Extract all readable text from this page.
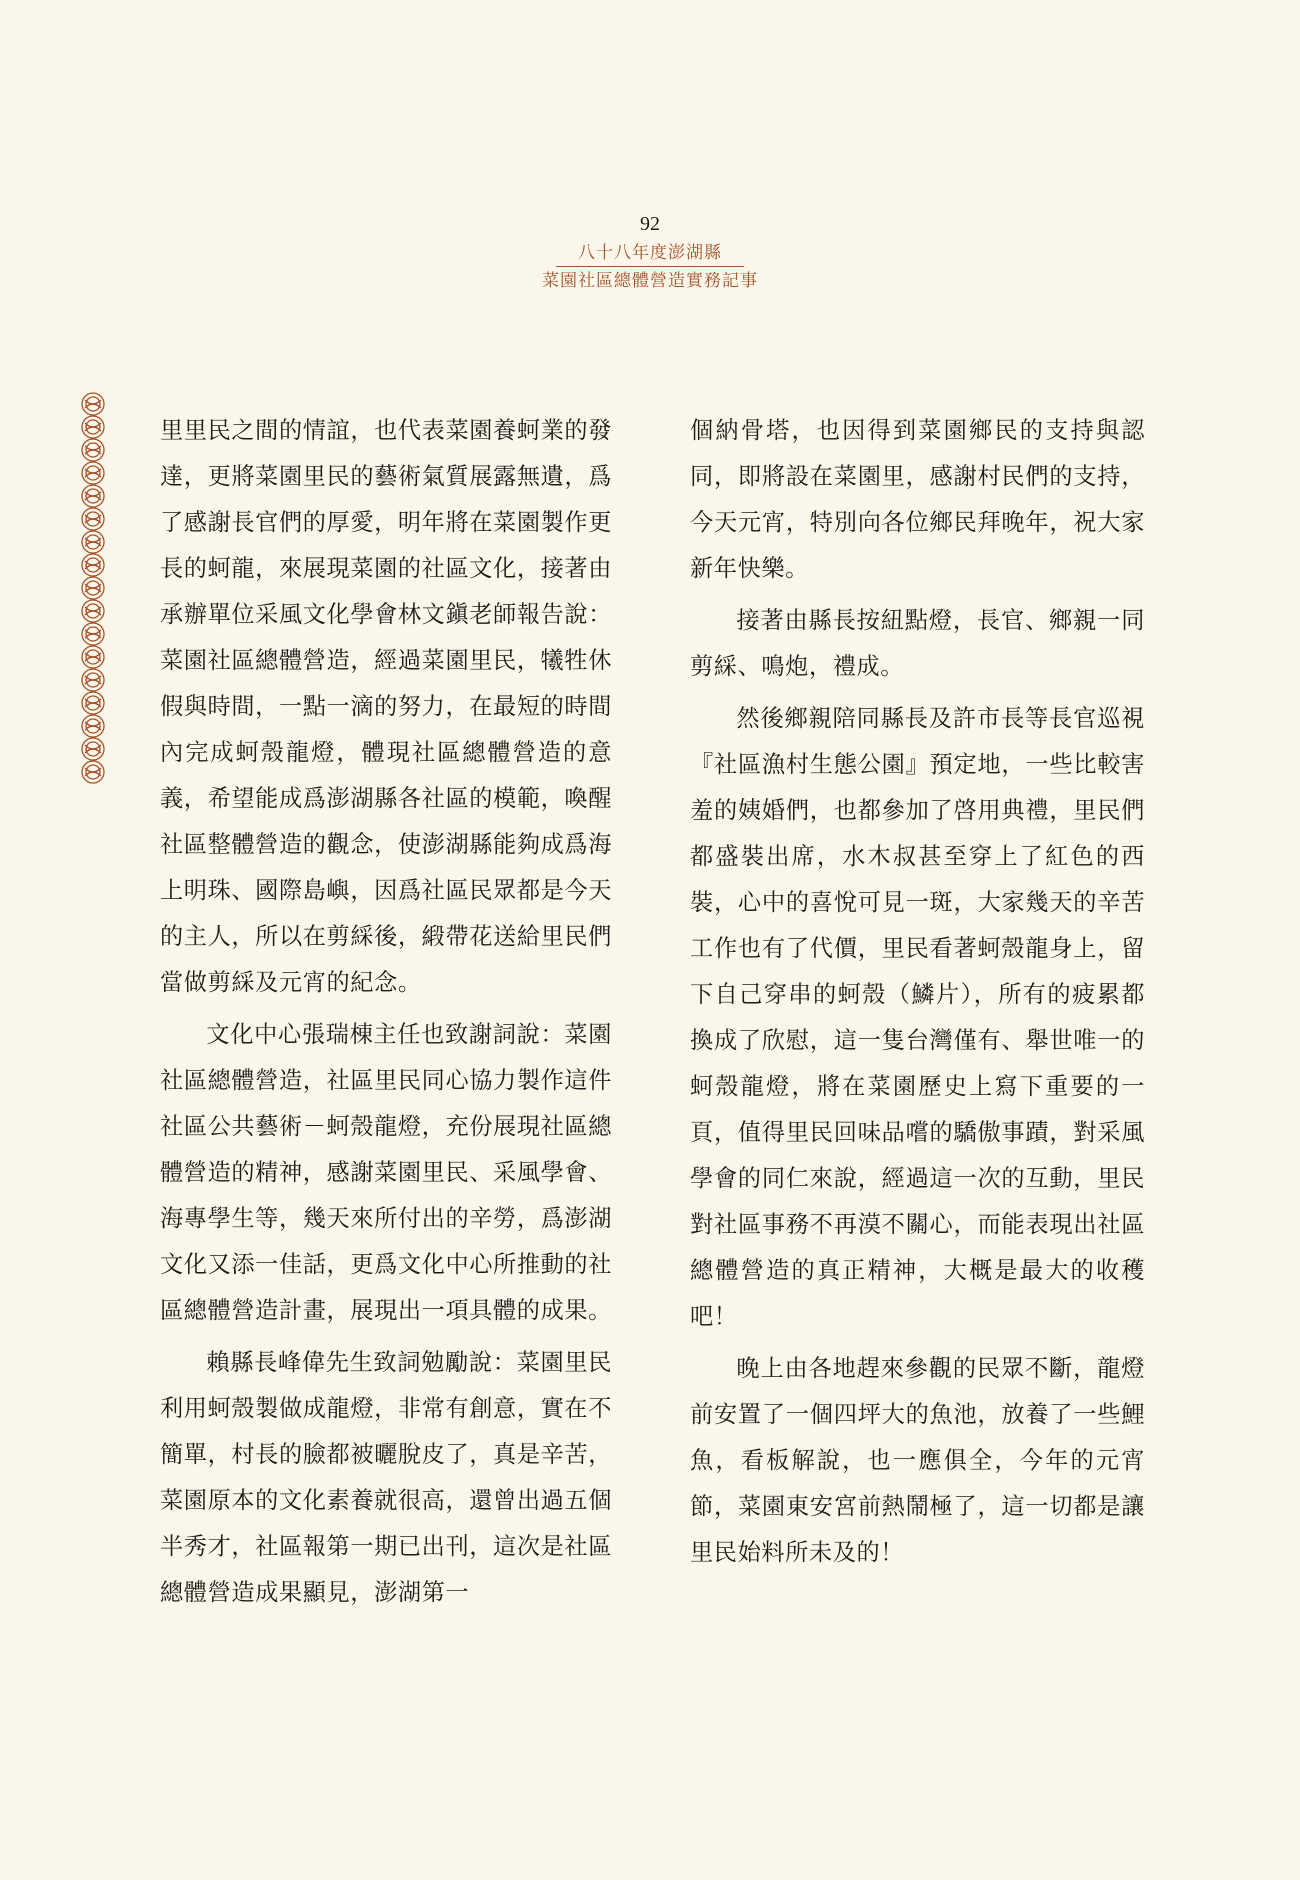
92
八十八年度澎湖縣
菜園社區總體營造實務記事

里里民之間的情誼，也代表菜園養蚵業的發達，更將菜園里民的藝術氣質展露無遺，爲了感謝長官們的厚愛，明年將在菜園製作更長的蚵龍，來展現菜園的社區文化，接著由承辦單位采風文化學會林文鎭老師報告說：菜園社區總體營造，經過菜園里民，犧牲休假與時間，一點一滴的努力，在最短的時間內完成蚵殼龍燈，體現社區總體營造的意義，希望能成爲澎湖縣各社區的模範，喚醒社區整體營造的觀念，使澎湖縣能夠成爲海上明珠、國際島嶼，因爲社區民眾都是今天的主人，所以在剪綵後，緞帶花送給里民們當做剪綵及元宵的紀念。

文化中心張瑞棟主任也致謝詞說：菜園社區總體營造，社區里民同心協力製作這件社區公共藝術－蚵殼龍燈，充份展現社區總體營造的精神，感謝菜園里民、采風學會、海專學生等，幾天來所付出的辛勞，爲澎湖文化又添一佳話，更爲文化中心所推動的社區總體營造計畫，展現出一項具體的成果。

賴縣長峰偉先生致詞勉勵說：菜園里民利用蚵殼製做成龍燈，非常有創意，實在不簡單，村長的臉都被曬脫皮了，真是辛苦，菜園原本的文化素養就很高，還曾出過五個半秀才，社區報第一期已出刊，這次是社區總體營造成果顯見，澎湖第一

個納骨塔，也因得到菜園鄉民的支持與認同，即將設在菜園里，感謝村民們的支持，今天元宵，特別向各位鄉民拜晚年，祝大家新年快樂。

接著由縣長按紐點燈，長官、鄉親一同剪綵、鳴炮，禮成。

然後鄉親陪同縣長及許市長等長官巡視『社區漁村生態公園』預定地，一些比較害羞的姨婚們，也都參加了啓用典禮，里民們都盛裝出席，水木叔甚至穿上了紅色的西裝，心中的喜悅可見一斑，大家幾天的辛苦工作也有了代價，里民看著蚵殼龍身上，留下自己穿串的蚵殼（鱗片），所有的疲累都換成了欣慰，這一隻台灣僅有、舉世唯一的蚵殼龍燈，將在菜園歷史上寫下重要的一頁，值得里民回味品嚐的驕傲事蹟，對采風學會的同仁來說，經過這一次的互動，里民對社區事務不再漠不關心，而能表現出社區總體營造的真正精神，大概是最大的收穫吧！

晚上由各地趕來參觀的民眾不斷，龍燈前安置了一個四坪大的魚池，放養了一些鯉魚，看板解說，也一應俱全，今年的元宵節，菜園東安宮前熱鬧極了，這一切都是讓里民始料所未及的！
